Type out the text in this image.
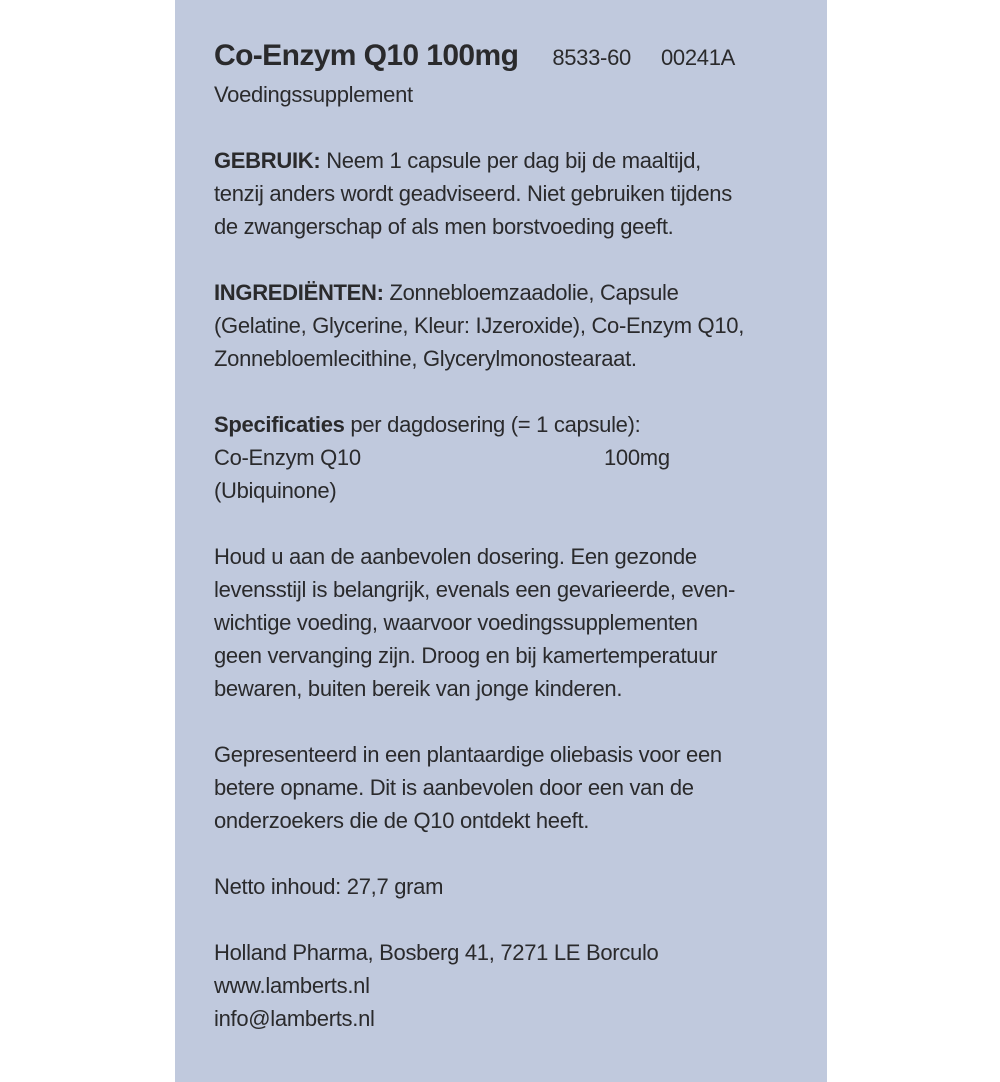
Co-Enzym Q10 100mg 8533-60 00241A
Voedingssupplement
GEBRUIK: Neem 1 capsule per dag bij de maaltijd,
tenzij anders wordt geadviseerd. Niet gebruiken tijdens
de zwangerschap of als men borstvoeding geeft.
INGREDIËNTEN: Zonnebloemzaadolie, Capsule
(Gelatine, Glycerine, Kleur: IJzeroxide), Co-Enzym Q10,
Zonnebloemlecithine, Glycerylmonostearaat.
Specificaties per dagdosering (= 1 capsule):
Co-Enzym Q10	100mg
(Ubiquinone)
Houd u aan de aanbevolen dosering. Een gezonde
levensstijl is belangrijk, evenals een gevarieerde, even-
wichtige voeding, waarvoor voedingssupplementen
geen vervanging zijn. Droog en bij kamertemperatuur
bewaren, buiten bereik van jonge kinderen.
Gepresenteerd in een plantaardige oliebasis voor een
betere opname. Dit is aanbevolen door een van de
onderzoekers die de Q10 ontdekt heeft.
Netto inhoud: 27,7 gram
Holland Pharma, Bosberg 41, 7271 LE Borculo
www.lamberts.nl
info@lamberts.nl
